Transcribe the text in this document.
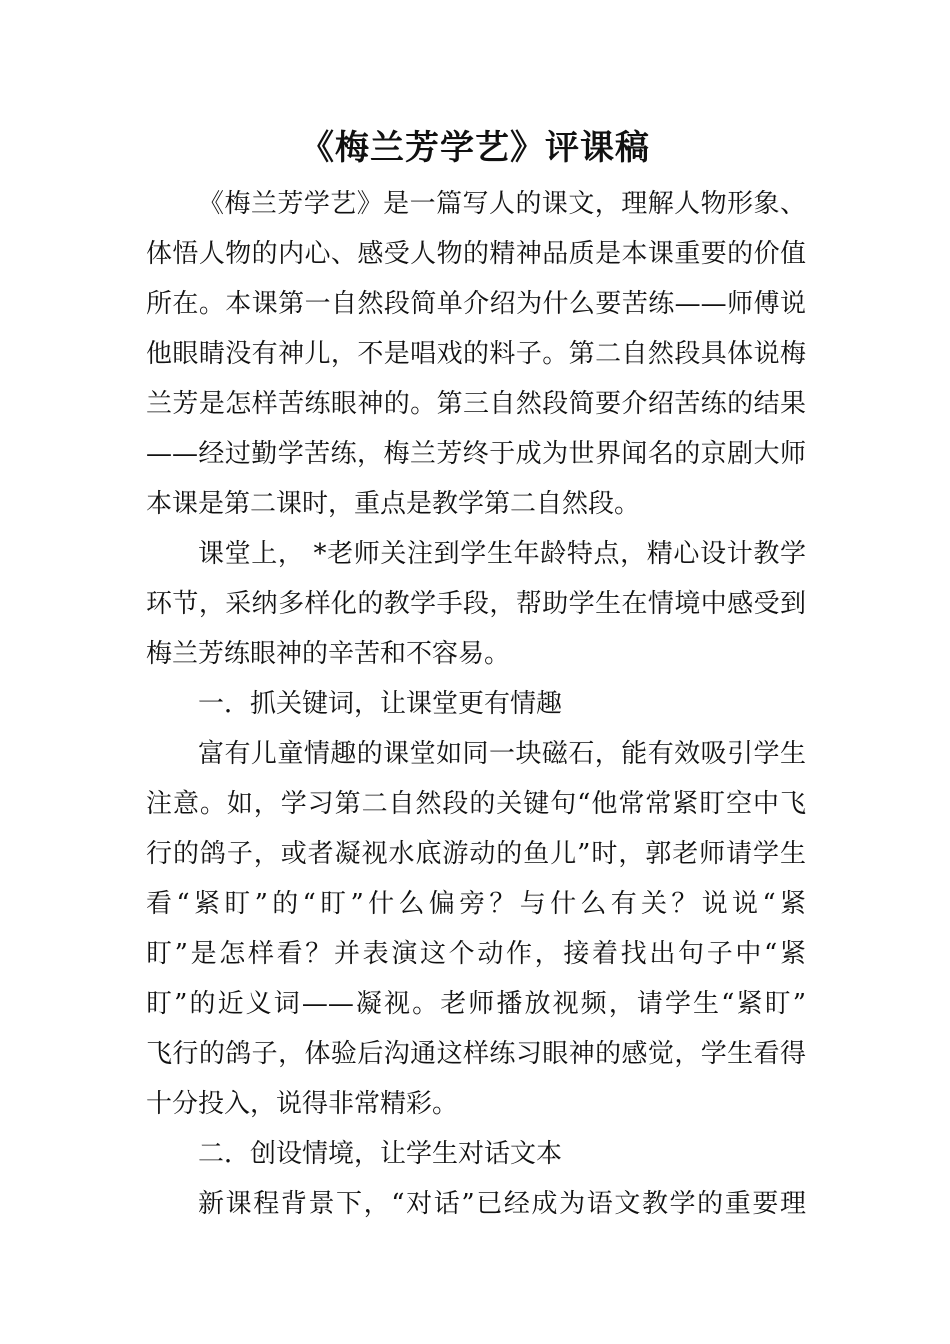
《梅兰芳学艺》评课稿

《梅兰芳学艺》是一篇写人的课文，理解人物形象、

体悟人物的内心、感受人物的精神品质是本课重要的价值

所在。本课第一自然段简单介绍为什么要苦练——师傅说

他眼睛没有神儿，不是唱戏的料子。第二自然段具体说梅

兰芳是怎样苦练眼神的。第三自然段简要介绍苦练的结果

——经过勤学苦练，梅兰芳终于成为世界闻名的京剧大师

本课是第二课时，重点是教学第二自然段。

课堂上， *老师关注到学生年龄特点，精心设计教学

环节，采纳多样化的教学手段，帮助学生在情境中感受到

梅兰芳练眼神的辛苦和不容易。

一．抓关键词，让课堂更有情趣

富有儿童情趣的课堂如同一块磁石，能有效吸引学生

注意。如，学习第二自然段的关键句“他常常紧盯空中飞

行的鸽子，或者凝视水底游动的鱼儿”时，郭老师请学生

看“紧盯”的“盯”什么偏旁？与什么有关？说说“紧

盯”是怎样看？并表演这个动作，接着找出句子中“紧

盯”的近义词——凝视。老师播放视频，请学生“紧盯”

飞行的鸽子，体验后沟通这样练习眼神的感觉，学生看得

十分投入，说得非常精彩。

二．创设情境，让学生对话文本

新课程背景下，“对话”已经成为语文教学的重要理
